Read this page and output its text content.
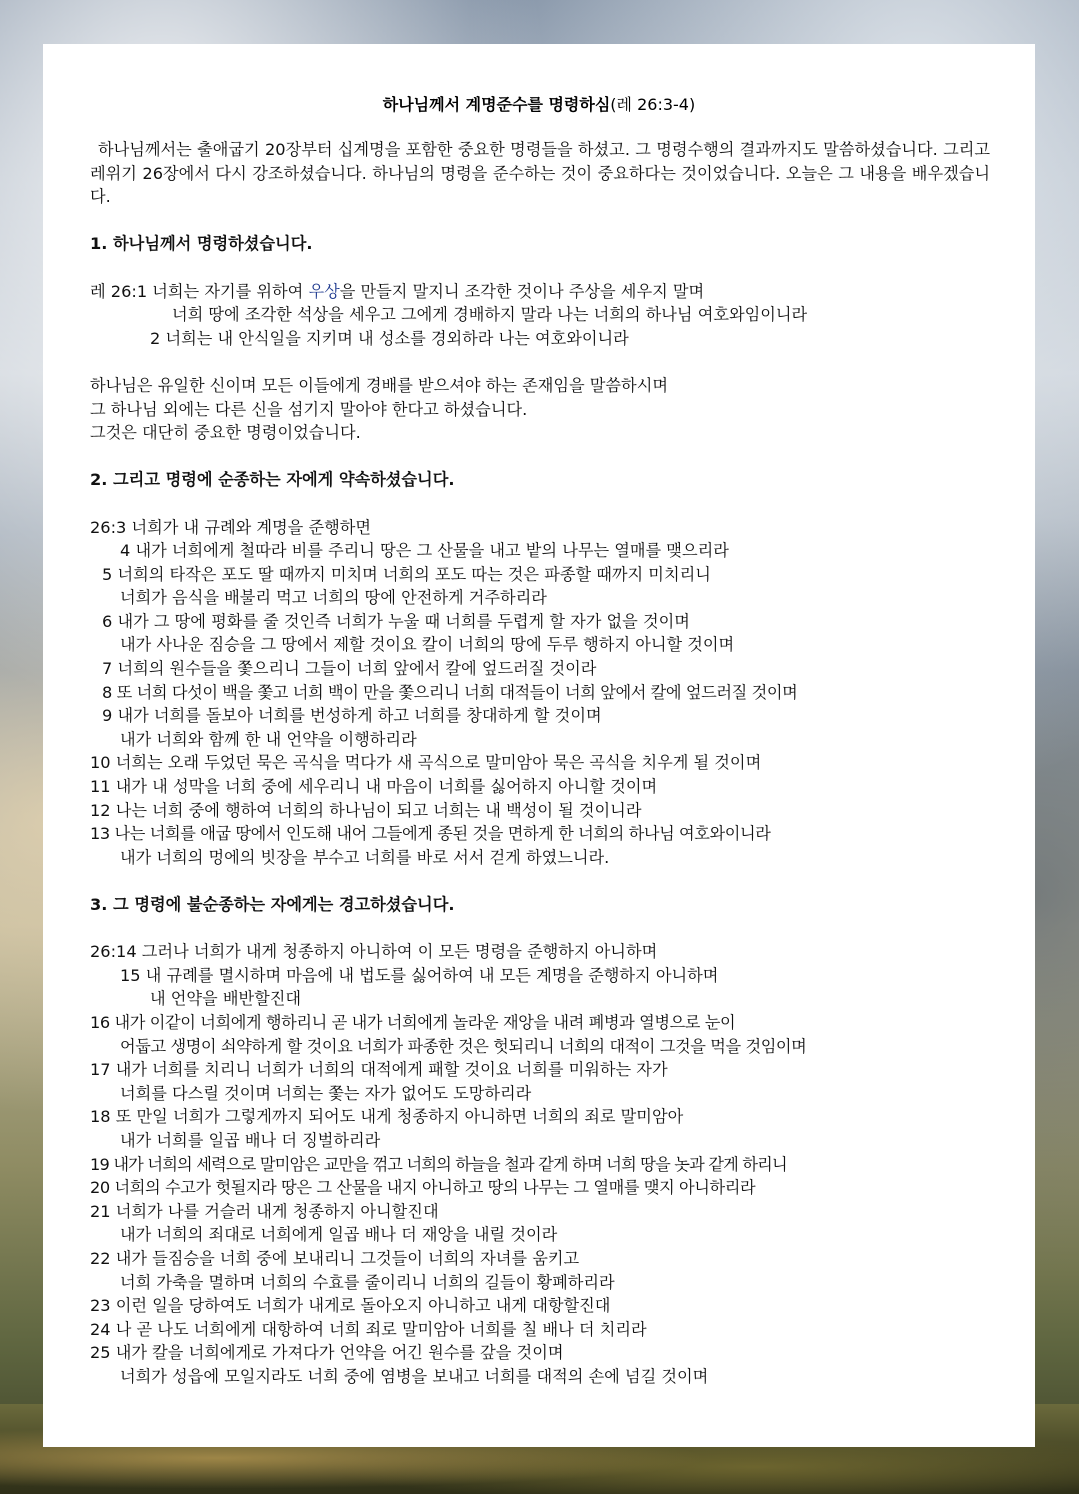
하나님께서 계명준수를 명령하심(레 26:3-4)

하나님께서는 출애굽기 20장부터 십계명을 포함한 중요한 명령들을 하셨고. 그 명령수행의 결과까지도 말씀하셨습니다. 그리고 레위기 26장에서 다시 강조하셨습니다. 하나님의 명령을 준수하는 것이 중요하다는 것이었습니다. 오늘은 그 내용을 배우겠습니다.

1. 하나님께서 명령하셨습니다.

레 26:1 너희는 자기를 위하여 우상을 만들지 말지니 조각한 것이나 주상을 세우지 말며

너희 땅에 조각한 석상을 세우고 그에게 경배하지 말라 나는 너희의 하나님 여호와임이니라

2 너희는 내 안식일을 지키며 내 성소를 경외하라 나는 여호와이니라

하나님은 유일한 신이며 모든 이들에게 경배를 받으셔야 하는 존재임을 말씀하시며

그 하나님 외에는 다른 신을 섬기지 말아야 한다고 하셨습니다.

그것은 대단히 중요한 명령이었습니다.

2. 그리고 명령에 순종하는 자에게 약속하셨습니다.

26:3 너희가 내 규례와 계명을 준행하면

4 내가 너희에게 철따라 비를 주리니 땅은 그 산물을 내고 밭의 나무는 열매를 맺으리라

5 너희의 타작은 포도 딸 때까지 미치며 너희의 포도 따는 것은 파종할 때까지 미치리니

너희가 음식을 배불리 먹고 너희의 땅에 안전하게 거주하리라

6 내가 그 땅에 평화를 줄 것인즉 너희가 누울 때 너희를 두렵게 할 자가 없을 것이며

내가 사나운 짐승을 그 땅에서 제할 것이요 칼이 너희의 땅에 두루 행하지 아니할 것이며

7 너희의 원수들을 쫓으리니 그들이 너희 앞에서 칼에 엎드러질 것이라

8 또 너희 다섯이 백을 쫓고 너희 백이 만을 쫓으리니 너희 대적들이 너희 앞에서 칼에 엎드러질 것이며

9 내가 너희를 돌보아 너희를 번성하게 하고 너희를 창대하게 할 것이며

내가 너희와 함께 한 내 언약을 이행하리라

10 너희는 오래 두었던 묵은 곡식을 먹다가 새 곡식으로 말미암아 묵은 곡식을 치우게 될 것이며

11 내가 내 성막을 너희 중에 세우리니 내 마음이 너희를 싫어하지 아니할 것이며

12 나는 너희 중에 행하여 너희의 하나님이 되고 너희는 내 백성이 될 것이니라

13 나는 너희를 애굽 땅에서 인도해 내어 그들에게 종된 것을 면하게 한 너희의 하나님 여호와이니라

내가 너희의 멍에의 빗장을 부수고 너희를 바로 서서 걷게 하였느니라.

3. 그 명령에 불순종하는 자에게는 경고하셨습니다.

26:14 그러나 너희가 내게 청종하지 아니하여 이 모든 명령을 준행하지 아니하며

15 내 규례를 멸시하며 마음에 내 법도를 싫어하여 내 모든 계명을 준행하지 아니하며

내 언약을 배반할진대

16 내가 이같이 너희에게 행하리니 곧 내가 너희에게 놀라운 재앙을 내려 폐병과 열병으로 눈이

어둡고 생명이 쇠약하게 할 것이요 너희가 파종한 것은 헛되리니 너희의 대적이 그것을 먹을 것임이며

17 내가 너희를 치리니 너희가 너희의 대적에게 패할 것이요 너희를 미워하는 자가

너희를 다스릴 것이며 너희는 쫓는 자가 없어도 도망하리라

18 또 만일 너희가 그렇게까지 되어도 내게 청종하지 아니하면 너희의 죄로 말미암아

내가 너희를 일곱 배나 더 징벌하리라

19 내가 너희의 세력으로 말미암은 교만을 꺾고 너희의 하늘을 철과 같게 하며 너희 땅을 놋과 같게 하리니

20 너희의 수고가 헛될지라 땅은 그 산물을 내지 아니하고 땅의 나무는 그 열매를 맺지 아니하리라

21 너희가 나를 거슬러 내게 청종하지 아니할진대

내가 너희의 죄대로 너희에게 일곱 배나 더 재앙을 내릴 것이라

22 내가 들짐승을 너희 중에 보내리니 그것들이 너희의 자녀를 움키고

너희 가축을 멸하며 너희의 수효를 줄이리니 너희의 길들이 황폐하리라

23 이런 일을 당하여도 너희가 내게로 돌아오지 아니하고 내게 대항할진대

24 나 곧 나도 너희에게 대항하여 너희 죄로 말미암아 너희를 칠 배나 더 치리라

25 내가 칼을 너희에게로 가져다가 언약을 어긴 원수를 갚을 것이며

너희가 성읍에 모일지라도 너희 중에 염병을 보내고 너희를 대적의 손에 넘길 것이며
